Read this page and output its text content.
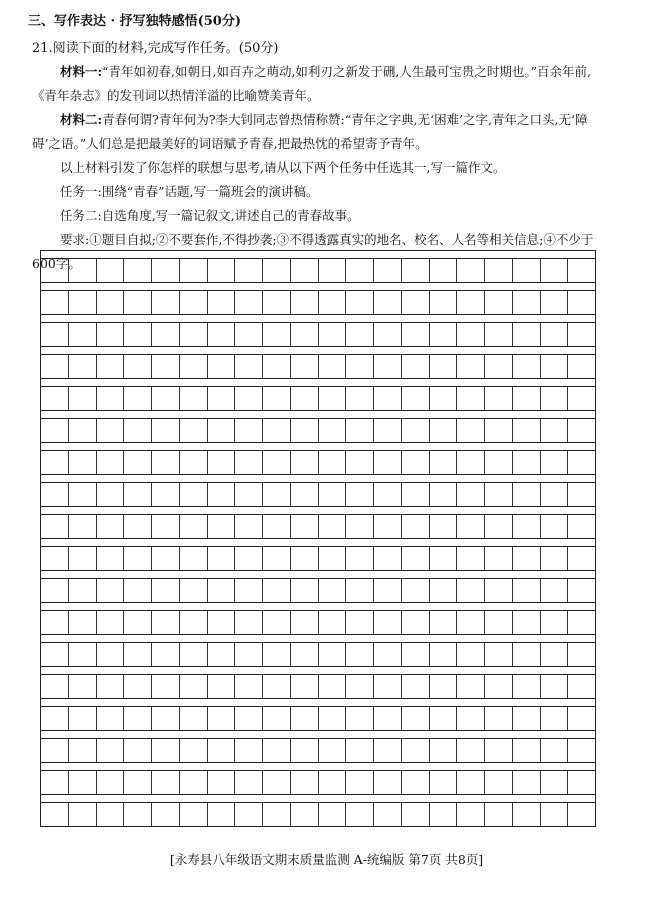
三、写作表达 · 抒写独特感悟(50分)
21.阅读下面的材料,完成写作任务。(50分)
材料一:“青年如初春,如朝日,如百卉之萌动,如利刃之新发于硎,人生最可宝贵之时期也。”百余年前,《青年杂志》的发刊词以热情洋溢的比喻赞美青年。
材料二:青春何谓?青年何为?李大钊同志曾热情称赞:“青年之字典,无‘困难’之字,青年之口头,无‘障碍’之语。”人们总是把最美好的词语赋予青春,把最热忱的希望寄予青年。
以上材料引发了你怎样的联想与思考,请从以下两个任务中任选其一,写一篇作文。
任务一:围绕“青春”话题,写一篇班会的演讲稿。
任务二:自选角度,写一篇记叙文,讲述自己的青春故事。
要求:①题目自拟;②不要套作,不得抄袭;③不得透露真实的地名、校名、人名等相关信息;④不少于600字。
[永寿县八年级语文期末质量监测 A-统编版 第7页 共8页]
